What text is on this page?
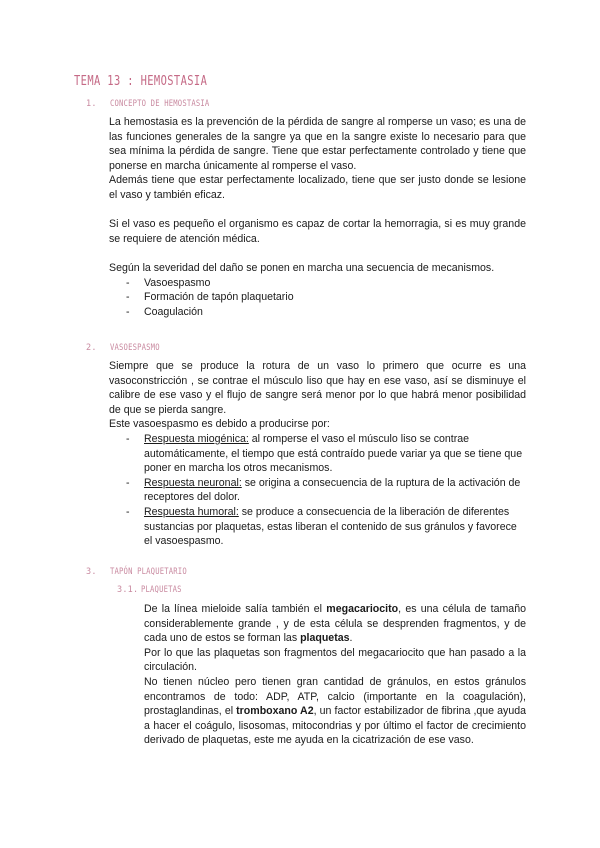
TEMA 13 : HEMOSTASIA
1. CONCEPTO DE HEMOSTASIA

La hemostasia es la prevención de la pérdida de sangre al romperse un vaso; es una de las funciones generales de la sangre ya que en la sangre existe lo necesario para que sea mínima la pérdida de sangre. Tiene que estar perfectamente controlado y tiene que ponerse en marcha únicamente al romperse el vaso.

Además tiene que estar perfectamente localizado, tiene que ser justo donde se lesione el vaso y también eficaz.

Si el vaso es pequeño el organismo es capaz de cortar la hemorragia, si es muy grande se requiere de atención médica.

Según la severidad del daño se ponen en marcha una secuencia de mecanismos.

- Vasoespasmo
- Formación de tapón plaquetario
- Coagulación
2. VASOESPASMO

Siempre que se produce la rotura de un vaso lo primero que ocurre es una vasoconstricción , se contrae el músculo liso que hay en ese vaso, así se disminuye el calibre de ese vaso y el flujo de sangre será menor por lo que habrá menor posibilidad de que se pierda sangre.

Este vasoespasmo es debido a producirse por:

- Respuesta miogénica: al romperse el vaso el músculo liso se contrae automáticamente, el tiempo que está contraído puede variar ya que se tiene que poner en marcha los otros mecanismos.
- Respuesta neuronal: se origina a consecuencia de la ruptura de la activación de receptores del dolor.
- Respuesta humoral: se produce a consecuencia de la liberación de diferentes sustancias por plaquetas, estas liberan el contenido de sus gránulos y favorece el vasoespasmo.
3. TAPÓN PLAQUETARIO
3.1. PLAQUETAS

De la línea mieloide salía también el megacariocito, es una célula de tamaño considerablemente grande , y de esta célula se desprenden fragmentos, y de cada uno de estos se forman las plaquetas.

Por lo que las plaquetas son fragmentos del megacariocito que han pasado a la circulación.

No tienen núcleo pero tienen gran cantidad de gránulos, en estos gránulos encontramos de todo: ADP, ATP, calcio (importante en la coagulación), prostaglandinas, el tromboxano A2, un factor estabilizador de fibrina ,que ayuda a hacer el coágulo, lisosomas, mitocondrias y por último el factor de crecimiento derivado de plaquetas, este me ayuda en la cicatrización de ese vaso.
